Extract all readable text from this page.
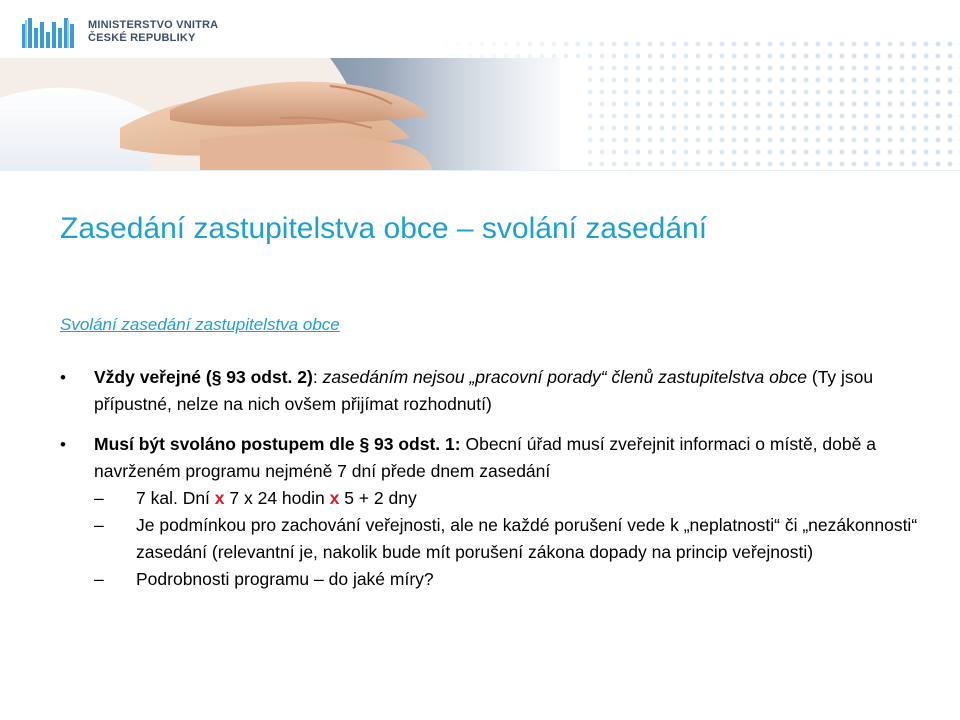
MINISTERSTVO VNITRA
ČESKÉ REPUBLIKY
Zasedání zastupitelstva obce – svolání zasedání
Svolání zasedání zastupitelstva obce
• Vždy veřejné (§ 93 odst. 2): zasedáním nejsou „pracovní porady“ členů zastupitelstva obce (Ty jsou přípustné, nelze na nich ovšem přijímat rozhodnutí)
• Musí být svoláno postupem dle § 93 odst. 1: Obecní úřad musí zveřejnit informaci o místě, době a navrženém programu nejméně 7 dní přede dnem zasedání
– 7 kal. Dní x 7 x 24 hodin x 5 + 2 dny
– Je podmínkou pro zachování veřejnosti, ale ne každé porušení vede k „neplatnosti“ či „nezákonnosti“ zasedání (relevantní je, nakolik bude mít porušení zákona dopady na princip veřejnosti)
– Podrobnosti programu – do jaké míry?
